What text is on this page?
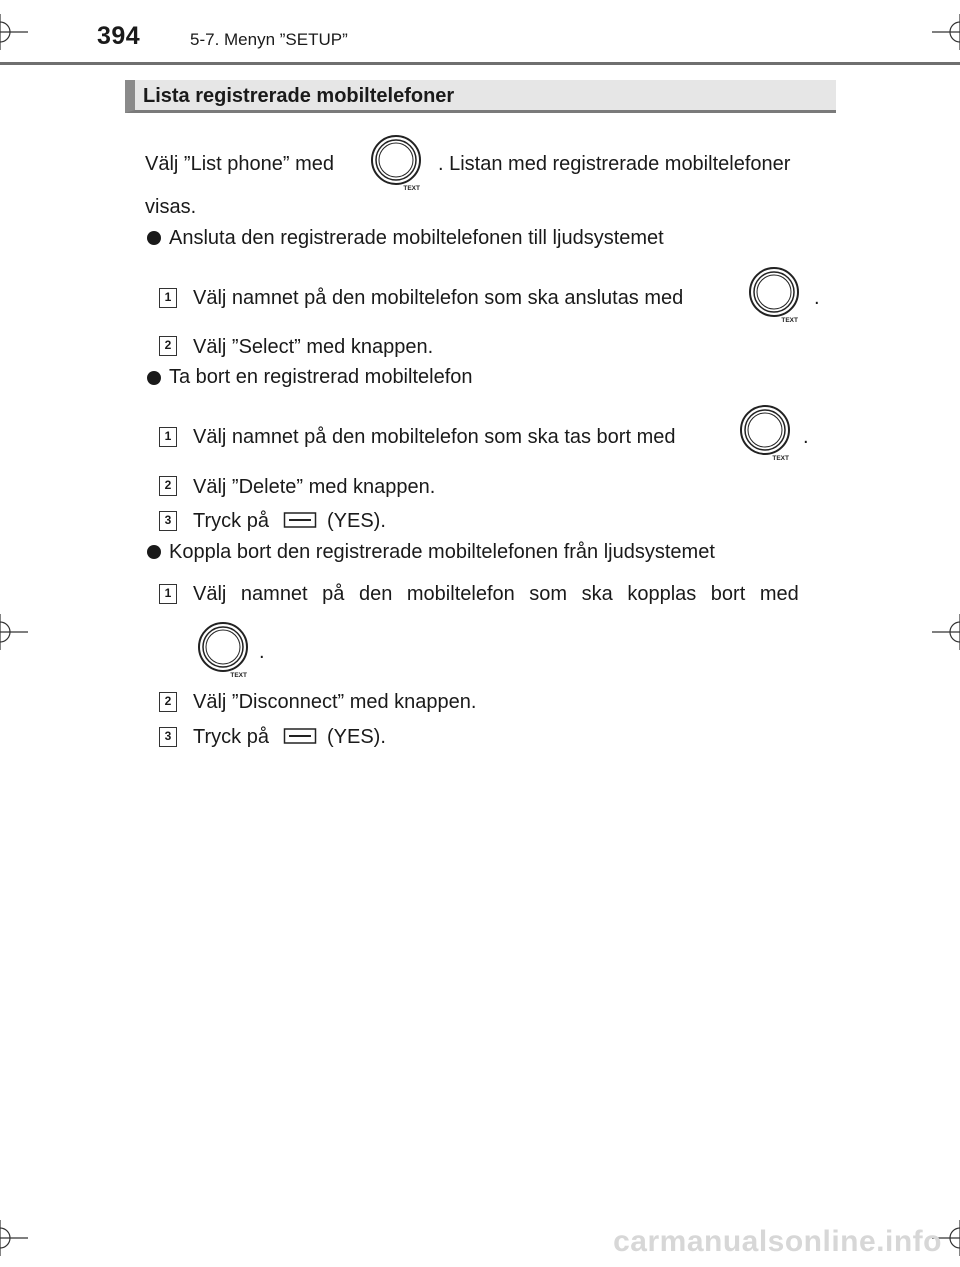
394	5-7. Menyn ”SETUP”
Lista registrerade mobiltelefoner
Välj ”List phone” med
TEXT
. Listan med registrerade mobiltelefoner
visas.
Ansluta den registrerade mobiltelefonen till ljudsystemet
1 Välj namnet på den mobiltelefon som ska anslutas med
TEXT
.
2 Välj ”Select” med knappen.
Ta bort en registrerad mobiltelefon
1 Välj namnet på den mobiltelefon som ska tas bort med
TEXT
.
2 Välj ”Delete” med knappen.
3 Tryck på	(YES).
Koppla bort den registrerade mobiltelefonen från ljudsystemet
1 Välj namnet på den mobiltelefon som ska kopplas bort med
TEXT
.
2 Välj ”Disconnect” med knappen.
3 Tryck på	(YES).
carmanualsonline.info
